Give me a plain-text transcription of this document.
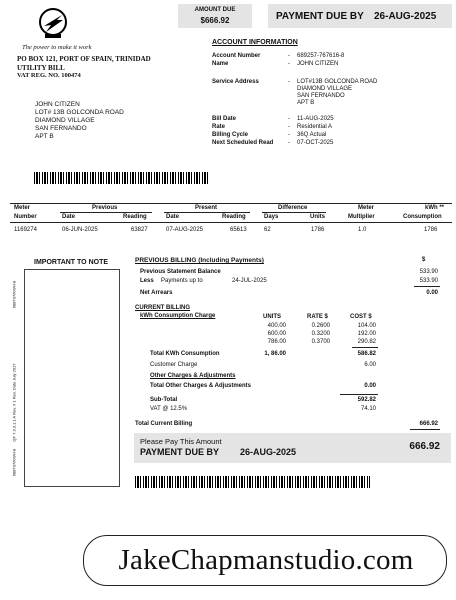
The power to make it work
PO BOX 121, PORT OF SPAIN, TRINIDAD
UTILITY BILL
VAT REG. NO. 100474
AMOUNT DUE
$666.92	PAYMENT DUE BY 26-AUG-2025
ACCOUNT INFORMATION
Account Number	- 689257-767616-8
Name	- JOHN CITIZEN
Service Address	- LOT#13B GOLCONDA ROAD
DIAMOND VILLAGE
SAN FERNANDO
APT B
Bill Date	- 11-AUG-2025
Rate	- Residential A
Billing Cycle	- 36Q Actual
Next Scheduled Read - 07-OCT-2025
JOHN CITIZEN
LOT# 13B GOLCONDA ROAD
DIAMOND VILLAGE
SAN FERNANDO
APT B
Meter	Previous	Present	Difference	Meter	kWh **
Number	Date	Reading	Date	Reading	Days	Units	Multiplier	Consumption
1169274	06-JUN-2025	63827	07-AUG-2025	65613	62	1786	1.0	1786
IMPORTANT TO NOTE
688T07/KWH-8
QF 7.3.3.1.1 A Rev. # 1 Rev. Date July 2017
688T07/KWH-8
PREVIOUS BILLING (Including Payments)	$
Previous Statement Balance	533.90
Less Payments up to	24-JUL-2025	533.90
Net Arrears	0.00
CURRENT BILLING
kWh Consumption Charge	UNITS	RATE $	COST $
400.00	0.2600	104.00
600.00	0.3200	192.00
786.00	0.3700	290.82
Total KWh Consumption	1, 86.00	586.82
Customer Charge	6.00
Other Charges & Adjustments
Total Other Charges & Adjustments	0.00
Sub-Total	592.82
VAT @ 12.5%	74.10
Total Current Billing	666.92
Please Pay This Amount
PAYMENT DUE BY 26-AUG-2025	666.92
JakeChapmanstudio.com
